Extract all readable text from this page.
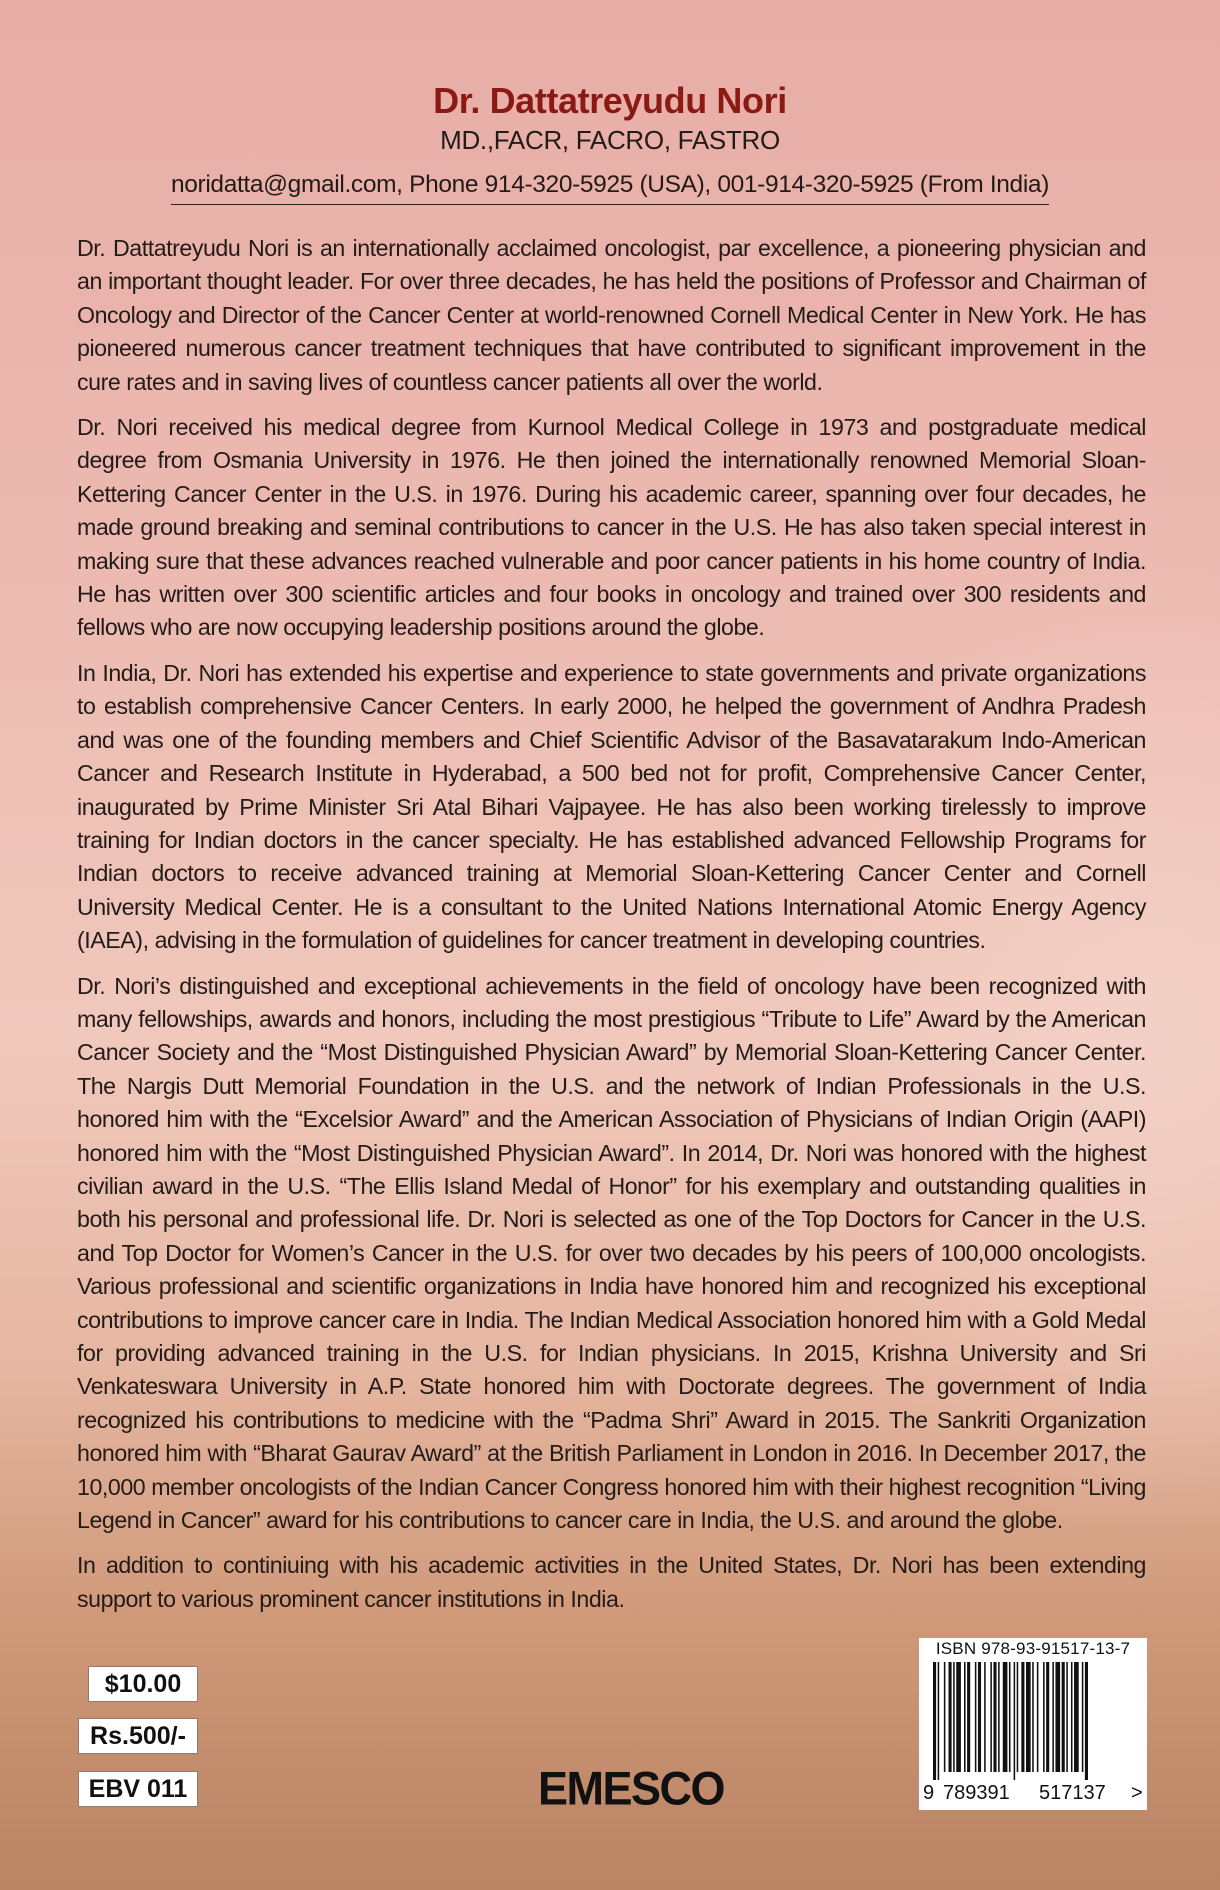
Dr. Dattatreyudu Nori
MD.,FACR, FACRO, FASTRO
noridatta@gmail.com, Phone 914-320-5925 (USA), 001-914-320-5925 (From India)

Dr. Dattatreyudu Nori is an internationally acclaimed oncologist, par excellence, a pioneering physician and an important thought leader. For over three decades, he has held the positions of Professor and Chairman of Oncology and Director of the Cancer Center at world-renowned Cornell Medical Center in New York. He has pioneered numerous cancer treatment techniques that have contributed to significant improvement in the cure rates and in saving lives of countless cancer patients all over the world.

Dr. Nori received his medical degree from Kurnool Medical College in 1973 and postgraduate medical degree from Osmania University in 1976. He then joined the internationally renowned Memorial Sloan-Kettering Cancer Center in the U.S. in 1976. During his academic career, spanning over four decades, he made ground breaking and seminal contributions to cancer in the U.S. He has also taken special interest in making sure that these advances reached vulnerable and poor cancer patients in his home country of India. He has written over 300 scientific articles and four books in oncology and trained over 300 residents and fellows who are now occupying leadership positions around the globe.

In India, Dr. Nori has extended his expertise and experience to state governments and private organizations to establish comprehensive Cancer Centers. In early 2000, he helped the government of Andhra Pradesh and was one of the founding members and Chief Scientific Advisor of the Basavatarakum Indo-American Cancer and Research Institute in Hyderabad, a 500 bed not for profit, Comprehensive Cancer Center, inaugurated by Prime Minister Sri Atal Bihari Vajpayee. He has also been working tirelessly to improve training for Indian doctors in the cancer specialty. He has established advanced Fellowship Programs for Indian doctors to receive advanced training at Memorial Sloan-Kettering Cancer Center and Cornell University Medical Center. He is a consultant to the United Nations International Atomic Energy Agency (IAEA), advising in the formulation of guidelines for cancer treatment in developing countries.

Dr. Nori’s distinguished and exceptional achievements in the field of oncology have been recognized with many fellowships, awards and honors, including the most prestigious “Tribute to Life” Award by the American Cancer Society and the “Most Distinguished Physician Award” by Memorial Sloan-Kettering Cancer Center. The Nargis Dutt Memorial Foundation in the U.S. and the network of Indian Professionals in the U.S. honored him with the “Excelsior Award” and the American Association of Physicians of Indian Origin (AAPI) honored him with the “Most Distinguished Physician Award”. In 2014, Dr. Nori was honored with the highest civilian award in the U.S. “The Ellis Island Medal of Honor” for his exemplary and outstanding qualities in both his personal and professional life. Dr. Nori is selected as one of the Top Doctors for Cancer in the U.S. and Top Doctor for Women’s Cancer in the U.S. for over two decades by his peers of 100,000 oncologists. Various professional and scientific organizations in India have honored him and recognized his exceptional contributions to improve cancer care in India. The Indian Medical Association honored him with a Gold Medal for providing advanced training in the U.S. for Indian physicians. In 2015, Krishna University and Sri Venkateswara University in A.P. State honored him with Doctorate degrees. The government of India recognized his contributions to medicine with the “Padma Shri” Award in 2015. The Sankriti Organization honored him with “Bharat Gaurav Award” at the British Parliament in London in 2016. In December 2017, the 10,000 member oncologists of the Indian Cancer Congress honored him with their highest recognition “Living Legend in Cancer” award for his contributions to cancer care in India, the U.S. and around the globe.

In addition to continiuing with his academic activities in the United States, Dr. Nori has been extending support to various prominent cancer institutions in India.

$10.00
Rs.500/-
EBV 011	EMESCO
ISBN 978-93-91517-13-7
9 789391 517137 >
